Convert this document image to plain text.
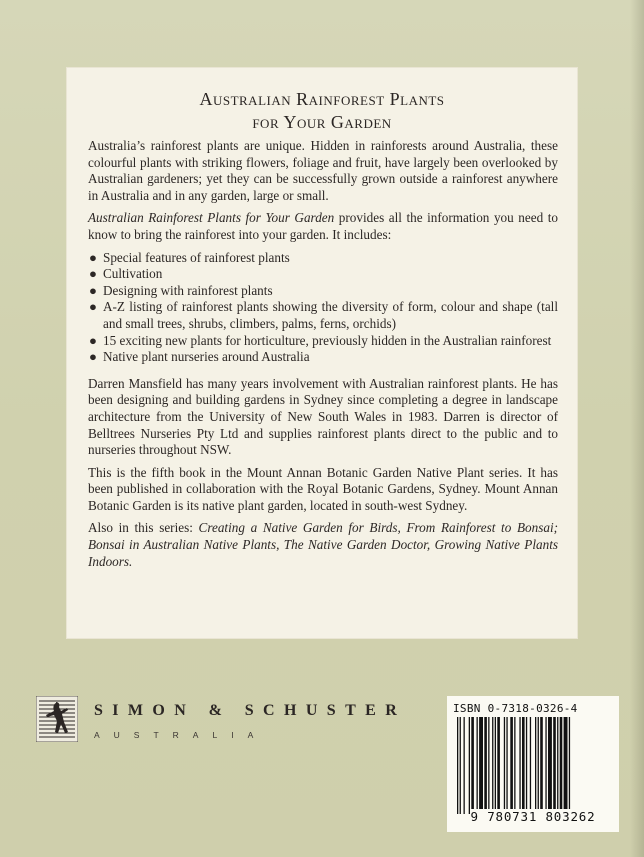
Australian Rainforest Plants
for Your Garden

Australia’s rainforest plants are unique. Hidden in rainforests around Australia, these colourful plants with striking flowers, foliage and fruit, have largely been overlooked by Australian gardeners; yet they can be successfully grown outside a rainforest anywhere in Australia and in any garden, large or small.

Australian Rainforest Plants for Your Garden provides all the information you need to know to bring the rainforest into your garden. It includes:

● Special features of rainforest plants
● Cultivation
● Designing with rainforest plants
● A-Z listing of rainforest plants showing the diversity of form, colour and shape (tall and small trees, shrubs, climbers, palms, ferns, orchids)
● 15 exciting new plants for horticulture, previously hidden in the Australian rainforest
● Native plant nurseries around Australia

Darren Mansfield has many years involvement with Australian rainforest plants. He has been designing and building gardens in Sydney since completing a degree in landscape architecture from the University of New South Wales in 1983. Darren is director of Belltrees Nurseries Pty Ltd and supplies rainforest plants direct to the public and to nurseries throughout NSW.

This is the fifth book in the Mount Annan Botanic Garden Native Plant series. It has been published in collaboration with the Royal Botanic Gardens, Sydney. Mount Annan Botanic Garden is its native plant garden, located in south-west Sydney.

Also in this series: Creating a Native Garden for Birds, From Rainforest to Bonsai; Bonsai in Australian Native Plants, The Native Garden Doctor, Growing Native Plants Indoors.

SIMON & SCHUSTER
AUSTRALIA
ISBN 0-7318-0326-4
9 780731 803262
